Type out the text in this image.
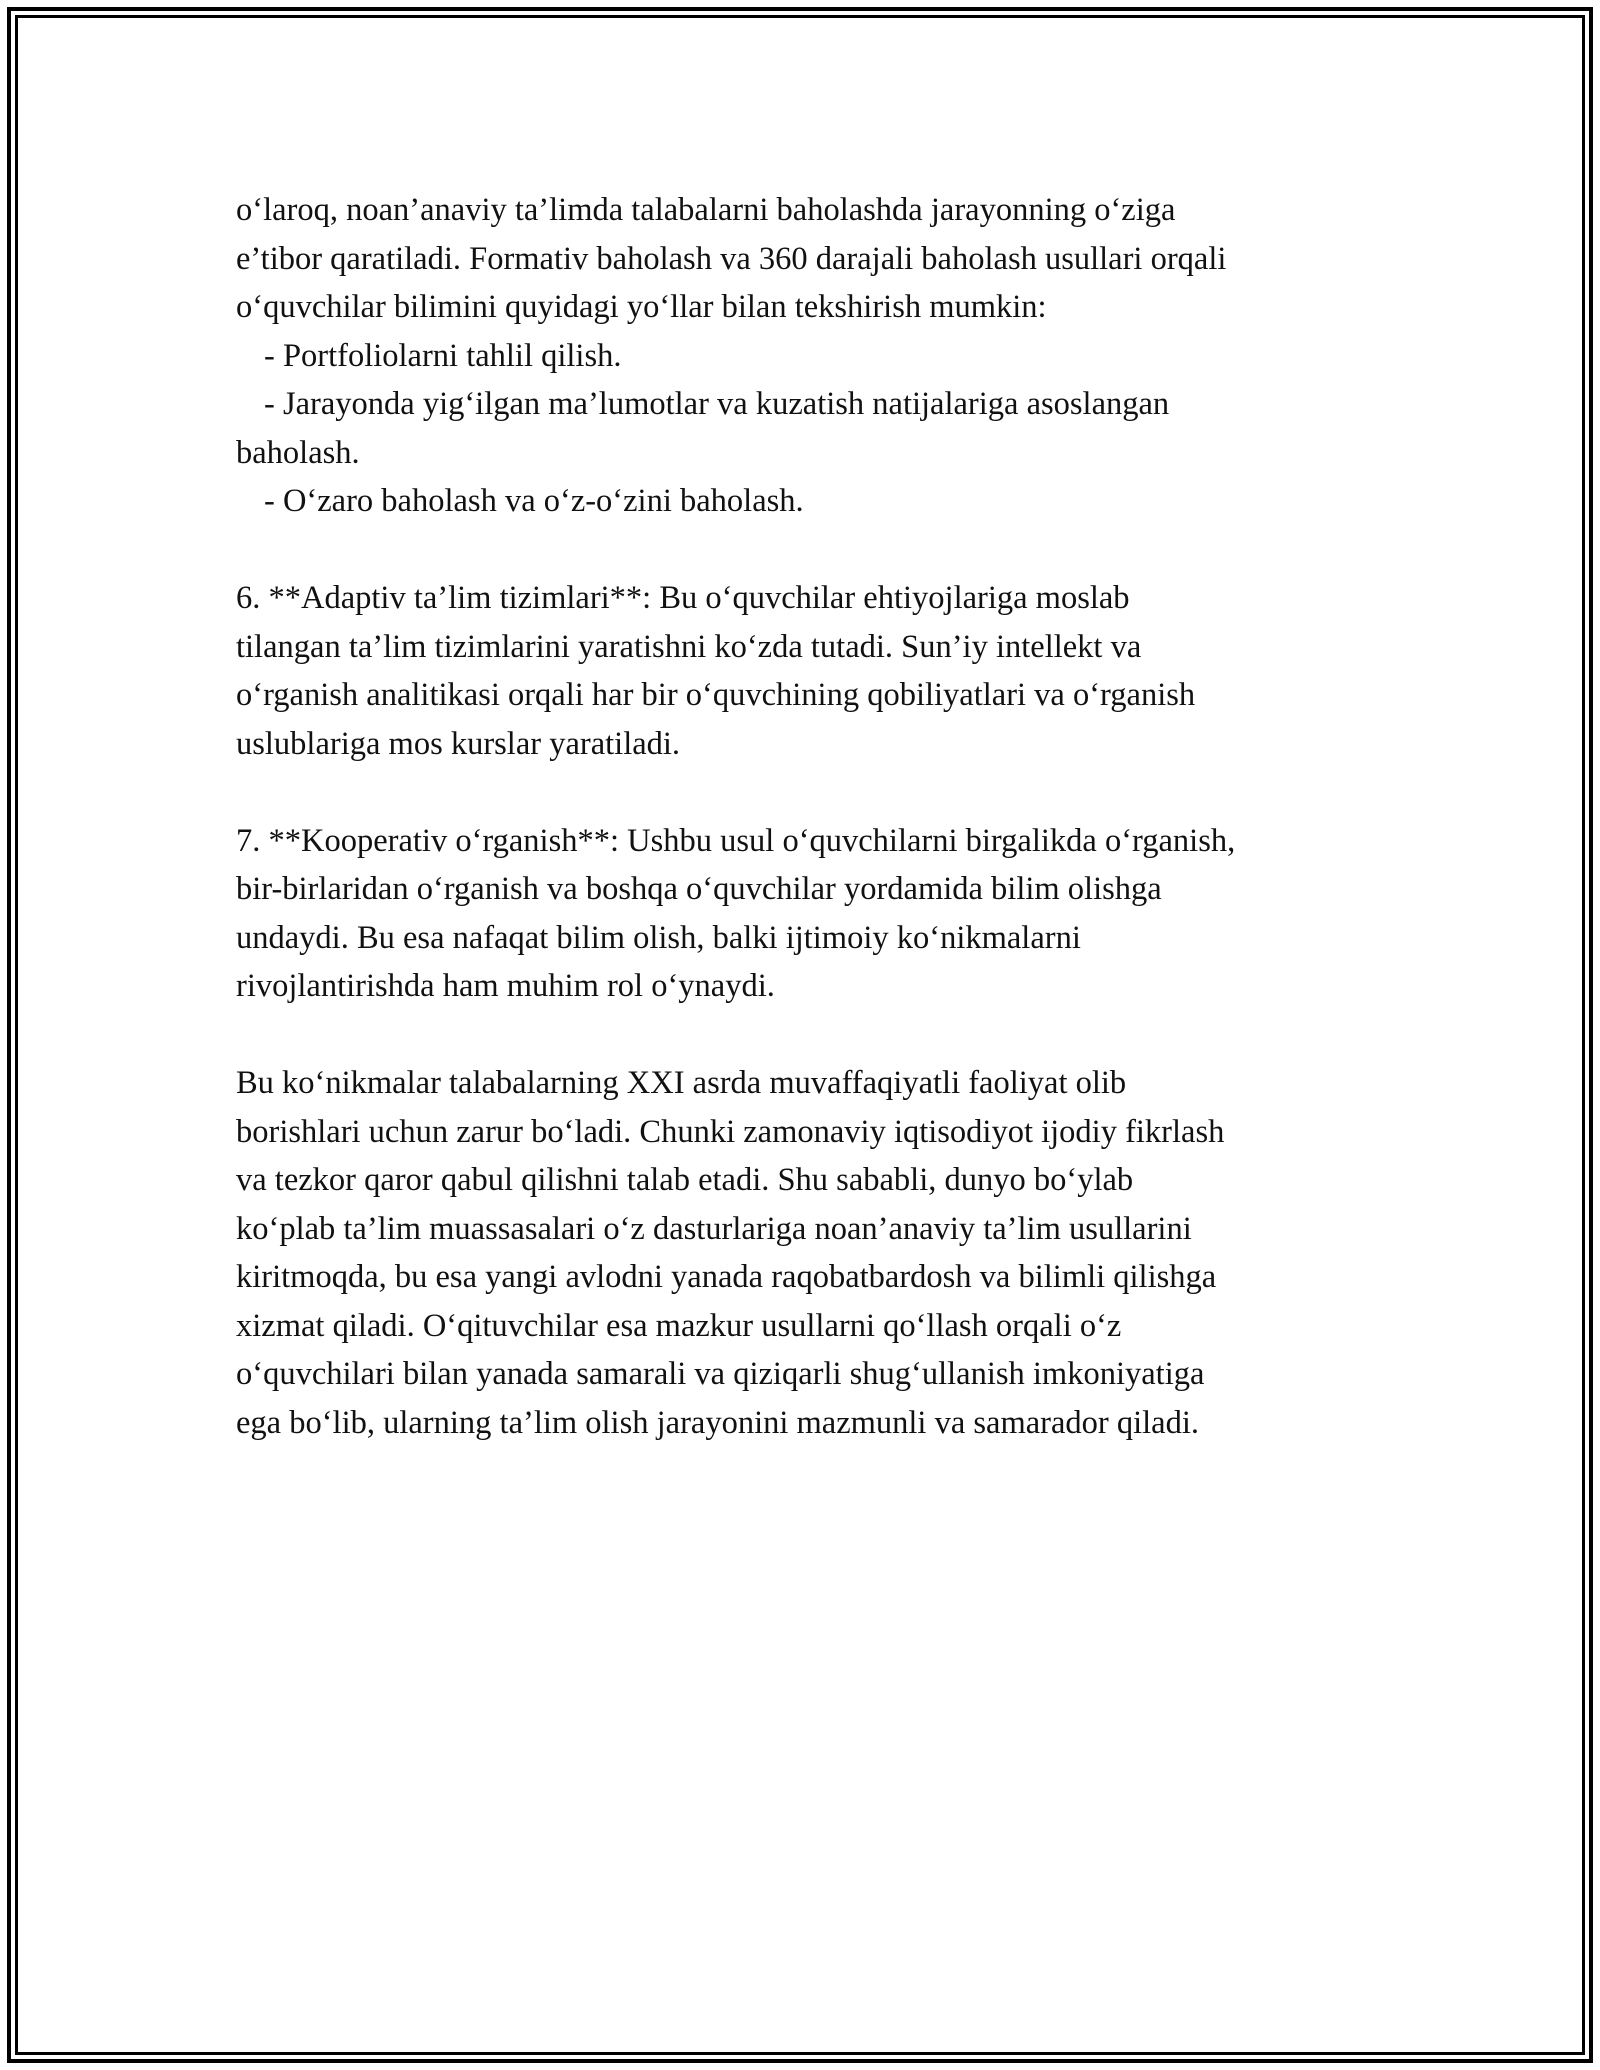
o‘laroq, noan’anaviy ta’limda talabalarni baholashda jarayonning o‘ziga
e’tibor qaratiladi. Formativ baholash va 360 darajali baholash usullari orqali
o‘quvchilar bilimini quyidagi yo‘llar bilan tekshirish mumkin:
- Portfoliolarni tahlil qilish.
- Jarayonda yig‘ilgan ma’lumotlar va kuzatish natijalariga asoslangan
baholash.
- O‘zaro baholash va o‘z-o‘zini baholash.
6. **Adaptiv ta’lim tizimlari**: Bu o‘quvchilar ehtiyojlariga moslab
tilangan ta’lim tizimlarini yaratishni ko‘zda tutadi. Sun’iy intellekt va
o‘rganish analitikasi orqali har bir o‘quvchining qobiliyatlari va o‘rganish
uslublariga mos kurslar yaratiladi.
7. **Kooperativ o‘rganish**: Ushbu usul o‘quvchilarni birgalikda o‘rganish,
bir-birlaridan o‘rganish va boshqa o‘quvchilar yordamida bilim olishga
undaydi. Bu esa nafaqat bilim olish, balki ijtimoiy ko‘nikmalarni
rivojlantirishda ham muhim rol o‘ynaydi.
Bu ko‘nikmalar talabalarning XXI asrda muvaffaqiyatli faoliyat olib
borishlari uchun zarur bo‘ladi. Chunki zamonaviy iqtisodiyot ijodiy fikrlash
va tezkor qaror qabul qilishni talab etadi. Shu sababli, dunyo bo‘ylab
ko‘plab ta’lim muassasalari o‘z dasturlariga noan’anaviy ta’lim usullarini
kiritmoqda, bu esa yangi avlodni yanada raqobatbardosh va bilimli qilishga
xizmat qiladi. O‘qituvchilar esa mazkur usullarni qo‘llash orqali o‘z
o‘quvchilari bilan yanada samarali va qiziqarli shug‘ullanish imkoniyatiga
ega bo‘lib, ularning ta’lim olish jarayonini mazmunli va samarador qiladi.
